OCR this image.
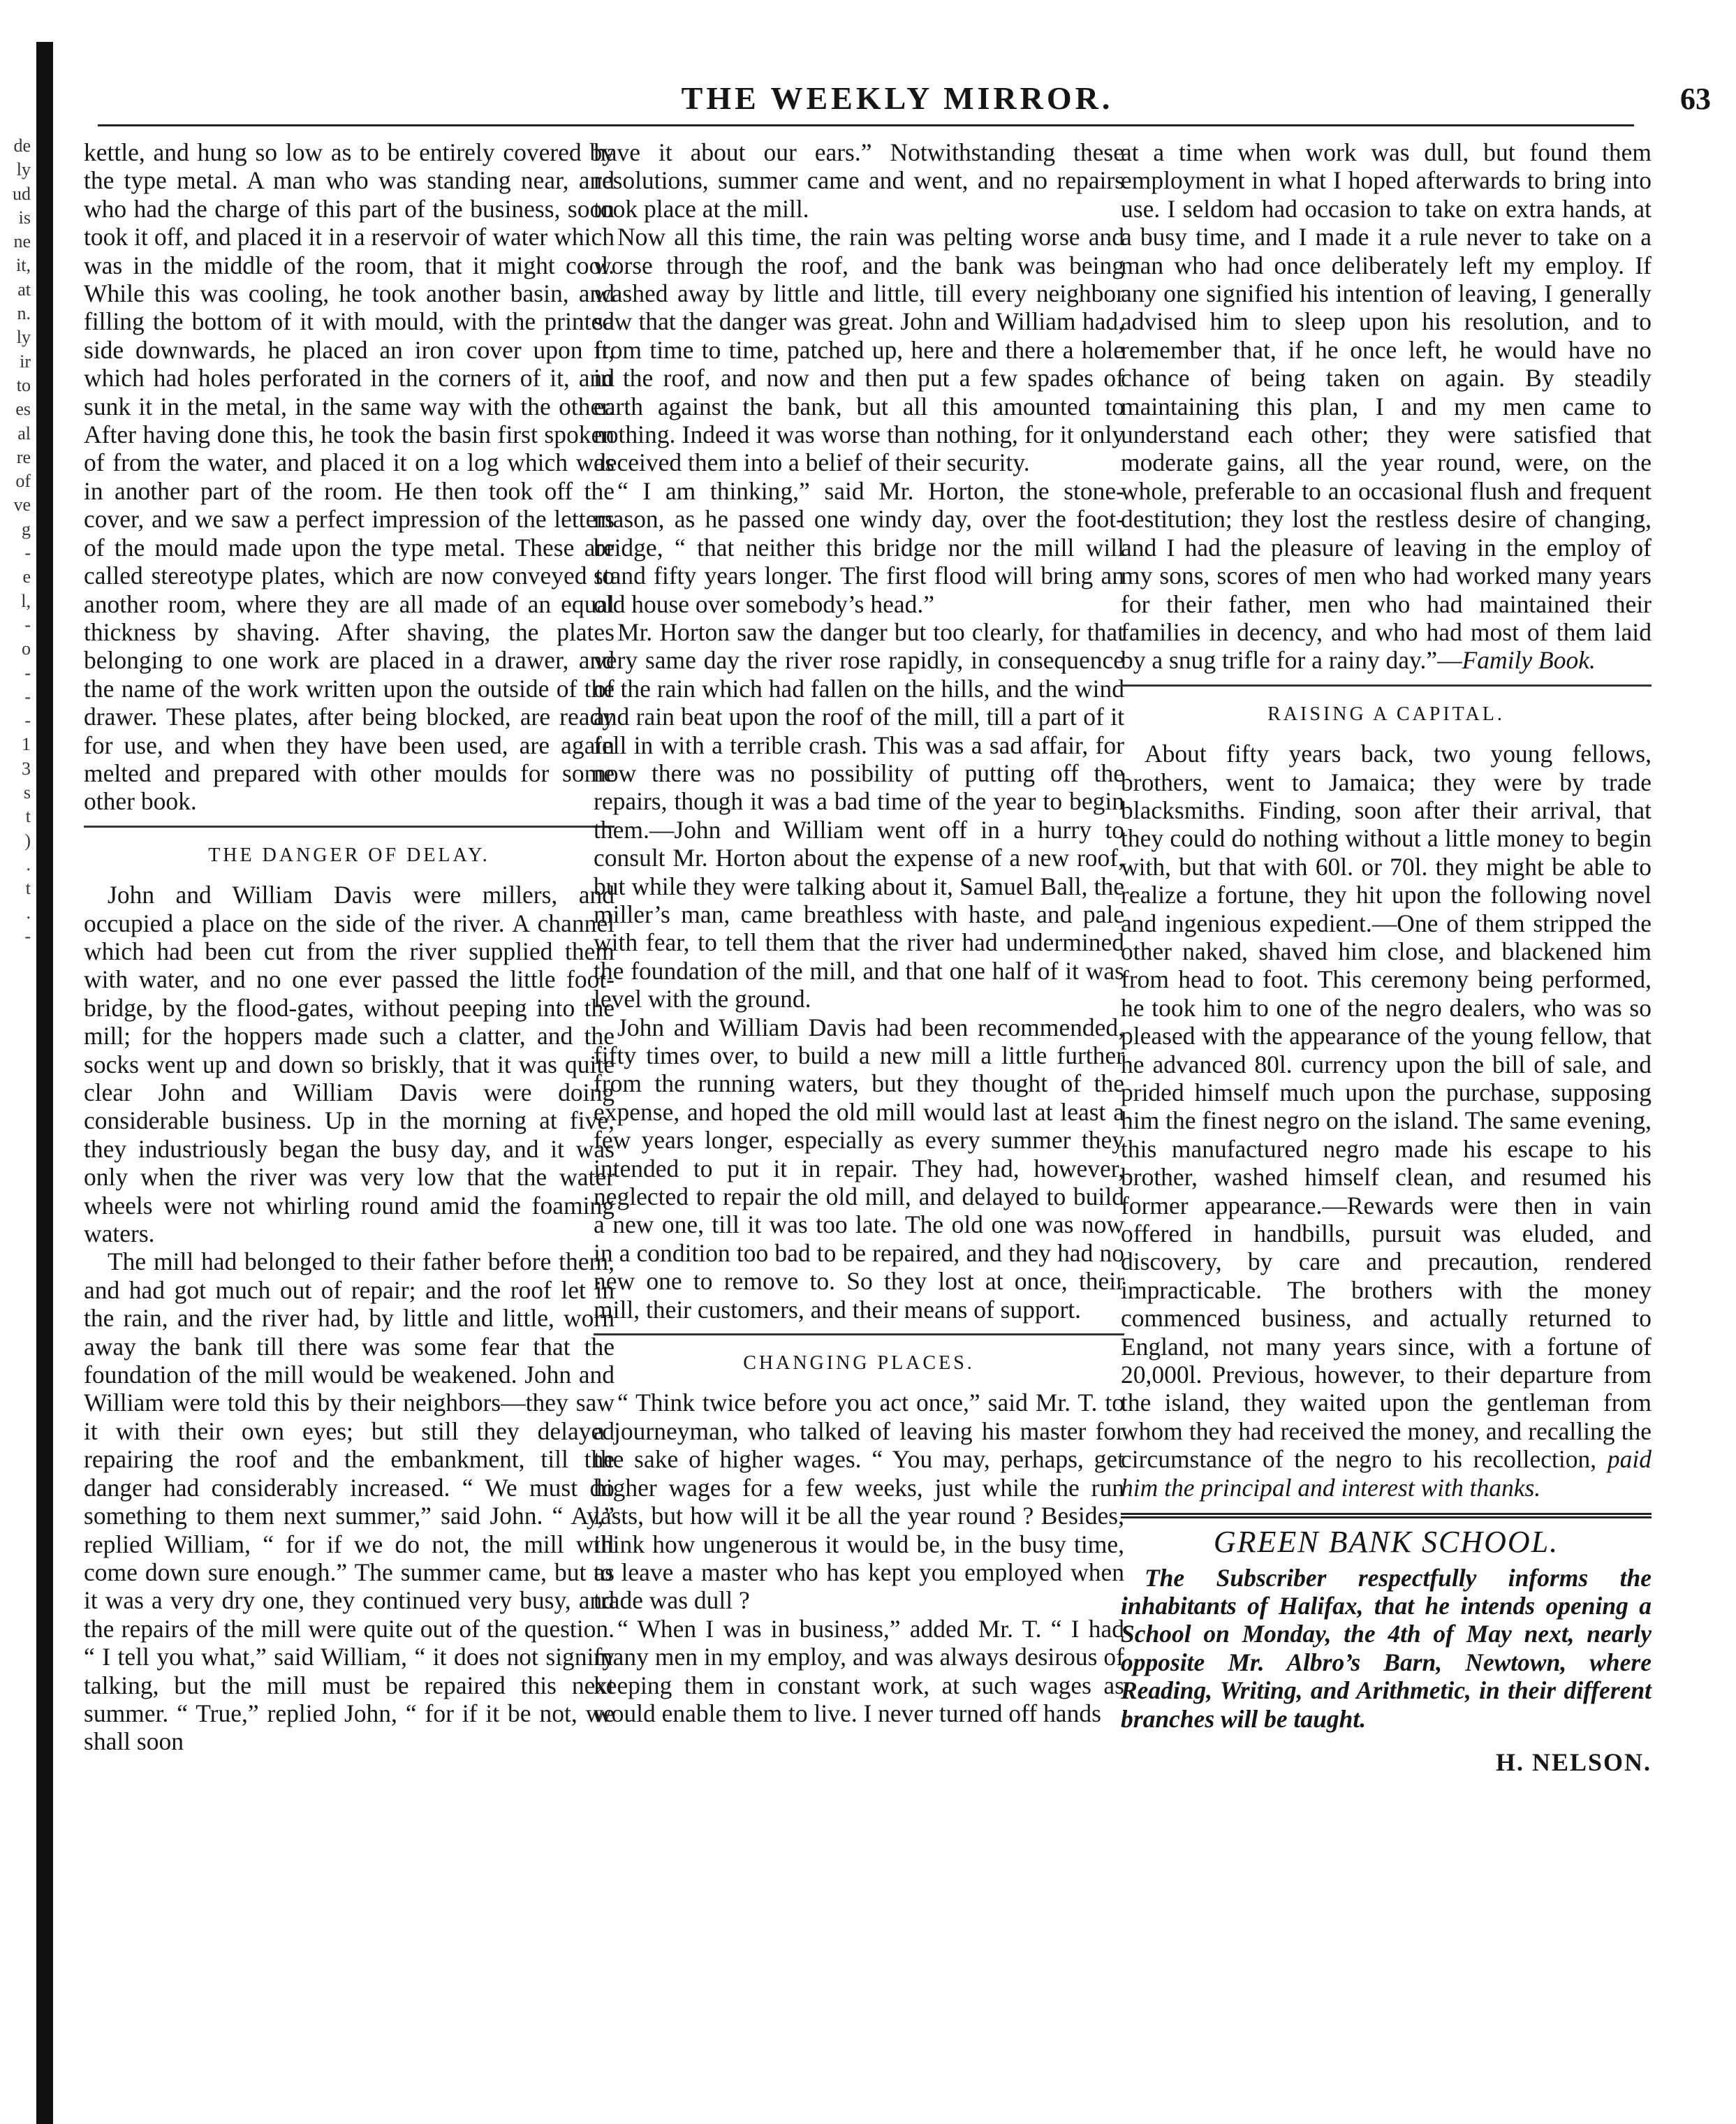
de
ly
ud
is
ne
it,
at
n.
ly
ir
to
es
al
re
of
ve
g
-
e
l,
-
o
-
-
-
1
3
s
t
)
.
t
.
-
THE WEEKLY MIRROR.	63

kettle, and hung so low as to be entirely covered by the type metal. A man who was standing near, and who had the charge of this part of the business, soon took it off, and placed it in a reservoir of water which was in the middle of the room, that it might cool. While this was cooling, he took another basin, and filling the bottom of it with mould, with the printed side downwards, he placed an iron cover upon it, which had holes perforated in the corners of it, and sunk it in the metal, in the same way with the other. After having done this, he took the basin first spoken of from the water, and placed it on a log which was in another part of the room. He then took off the cover, and we saw a perfect impression of the letters of the mould made upon the type metal. These are called stereotype plates, which are now conveyed to another room, where they are all made of an equal thickness by shaving. After shaving, the plates belonging to one work are placed in a drawer, and the name of the work written upon the outside of the drawer. These plates, after being blocked, are ready for use, and when they have been used, are again melted and prepared with other moulds for some other book.

THE DANGER OF DELAY.

John and William Davis were millers, and occupied a place on the side of the river. A channel which had been cut from the river supplied them with water, and no one ever passed the little foot-bridge, by the flood-gates, without peeping into the mill; for the hoppers made such a clatter, and the socks went up and down so briskly, that it was quite clear John and William Davis were doing considerable business. Up in the morning at five, they industriously began the busy day, and it was only when the river was very low that the water wheels were not whirling round amid the foaming waters.

The mill had belonged to their father before them, and had got much out of repair; and the roof let in the rain, and the river had, by little and little, worn away the bank till there was some fear that the foundation of the mill would be weakened. John and William were told this by their neighbors—they saw it with their own eyes; but still they delayed repairing the roof and the embankment, till the danger had considerably increased. “ We must do something to them next summer,” said John. “ Ay,” replied William, “ for if we do not, the mill will come down sure enough.” The summer came, but as it was a very dry one, they continued very busy, and the repairs of the mill were quite out of the question. “ I tell you what,” said William, “ it does not signify talking, but the mill must be repaired this next summer. “ True,” replied John, “ for if it be not, we shall soon

have it about our ears.” Notwithstanding these resolutions, summer came and went, and no repairs took place at the mill.

Now all this time, the rain was pelting worse and worse through the roof, and the bank was being washed away by little and little, till every neighbor saw that the danger was great. John and William had, from time to time, patched up, here and there a hole in the roof, and now and then put a few spades of earth against the bank, but all this amounted to nothing. Indeed it was worse than nothing, for it only deceived them into a belief of their security.

“ I am thinking,” said Mr. Horton, the stone-mason, as he passed one windy day, over the foot-bridge, “ that neither this bridge nor the mill will stand fifty years longer. The first flood will bring an old house over somebody’s head.”

Mr. Horton saw the danger but too clearly, for that very same day the river rose rapidly, in consequence of the rain which had fallen on the hills, and the wind and rain beat upon the roof of the mill, till a part of it fell in with a terrible crash. This was a sad affair, for now there was no possibility of putting off the repairs, though it was a bad time of the year to begin them.—John and William went off in a hurry to consult Mr. Horton about the expense of a new roof, but while they were talking about it, Samuel Ball, the miller’s man, came breathless with haste, and pale with fear, to tell them that the river had undermined the foundation of the mill, and that one half of it was level with the ground.

John and William Davis had been recommended, fifty times over, to build a new mill a little further from the running waters, but they thought of the expense, and hoped the old mill would last at least a few years longer, especially as every summer they intended to put it in repair. They had, however, neglected to repair the old mill, and delayed to build a new one, till it was too late. The old one was now in a condition too bad to be repaired, and they had no new one to remove to. So they lost at once, their mill, their customers, and their means of support.

CHANGING PLACES.

“ Think twice before you act once,” said Mr. T. to a journeyman, who talked of leaving his master for the sake of higher wages. “ You may, perhaps, get higher wages for a few weeks, just while the run lasts, but how will it be all the year round ? Besides, think how ungenerous it would be, in the busy time, to leave a master who has kept you employed when trade was dull ?

“ When I was in business,” added Mr. T. “ I had many men in my employ, and was always desirous of keeping them in constant work, at such wages as would enable them to live. I never turned off hands

at a time when work was dull, but found them employment in what I hoped afterwards to bring into use. I seldom had occasion to take on extra hands, at a busy time, and I made it a rule never to take on a man who had once deliberately left my employ. If any one signified his intention of leaving, I generally advised him to sleep upon his resolution, and to remember that, if he once left, he would have no chance of being taken on again. By steadily maintaining this plan, I and my men came to understand each other; they were satisfied that moderate gains, all the year round, were, on the whole, preferable to an occasional flush and frequent destitution; they lost the restless desire of changing, and I had the pleasure of leaving in the employ of my sons, scores of men who had worked many years for their father, men who had maintained their families in decency, and who had most of them laid by a snug trifle for a rainy day.”—Family Book.

RAISING A CAPITAL.

About fifty years back, two young fellows, brothers, went to Jamaica; they were by trade blacksmiths. Finding, soon after their arrival, that they could do nothing without a little money to begin with, but that with 60l. or 70l. they might be able to realize a fortune, they hit upon the following novel and ingenious expedient.—One of them stripped the other naked, shaved him close, and blackened him from head to foot. This ceremony being performed, he took him to one of the negro dealers, who was so pleased with the appearance of the young fellow, that he advanced 80l. currency upon the bill of sale, and prided himself much upon the purchase, supposing him the finest negro on the island. The same evening, this manufactured negro made his escape to his brother, washed himself clean, and resumed his former appearance.—Rewards were then in vain offered in handbills, pursuit was eluded, and discovery, by care and precaution, rendered impracticable. The brothers with the money commenced business, and actually returned to England, not many years since, with a fortune of 20,000l. Previous, however, to their departure from the island, they waited upon the gentleman from whom they had received the money, and recalling the circumstance of the negro to his recollection, paid him the principal and interest with thanks.

GREEN BANK SCHOOL.

The Subscriber respectfully informs the inhabitants of Halifax, that he intends opening a School on Monday, the 4th of May next, nearly opposite Mr. Albro’s Barn, Newtown, where Reading, Writing, and Arithmetic, in their different branches will be taught.

H. NELSON.
